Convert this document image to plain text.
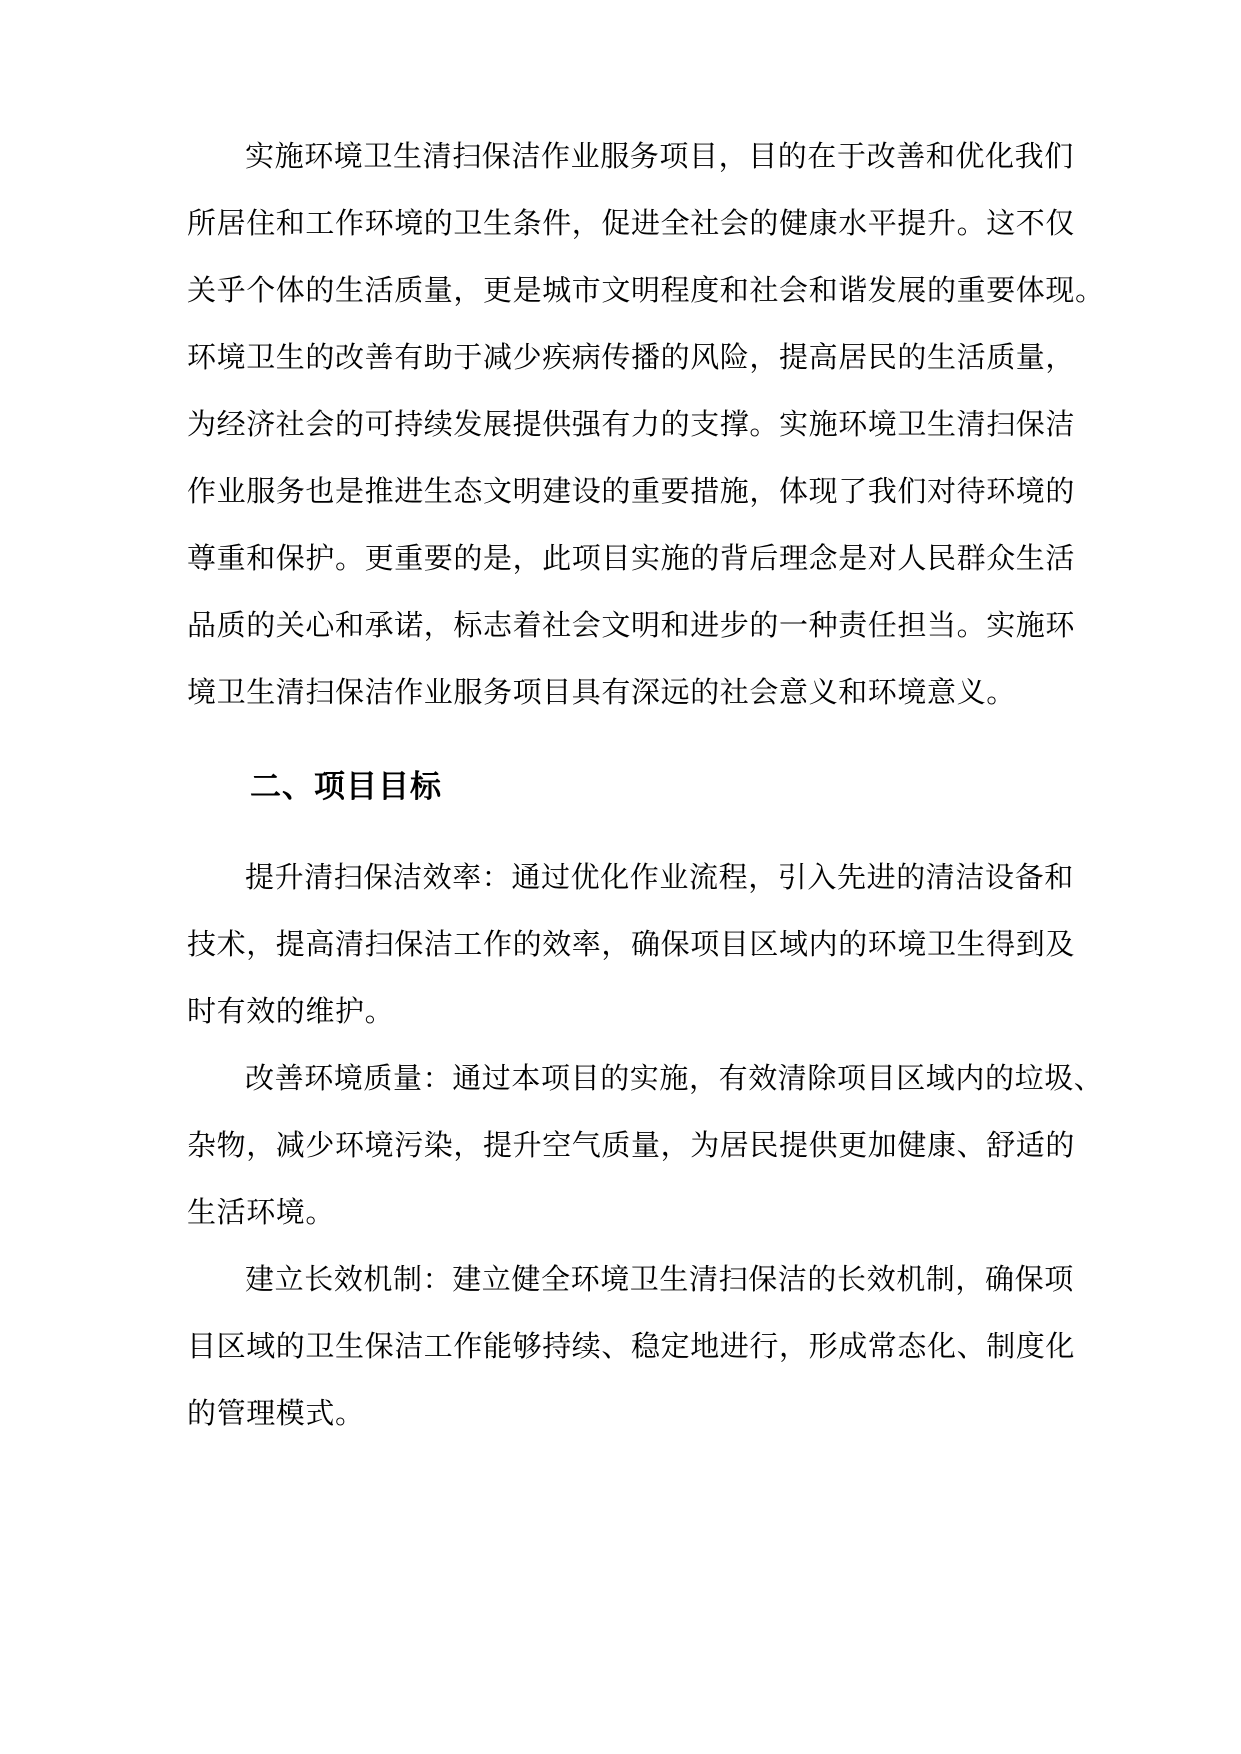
实施环境卫生清扫保洁作业服务项目，目的在于改善和优化我们
所居住和工作环境的卫生条件，促进全社会的健康水平提升。这不仅
关乎个体的生活质量，更是城市文明程度和社会和谐发展的重要体现。
环境卫生的改善有助于减少疾病传播的风险，提高居民的生活质量，
为经济社会的可持续发展提供强有力的支撑。实施环境卫生清扫保洁
作业服务也是推进生态文明建设的重要措施，体现了我们对待环境的
尊重和保护。更重要的是，此项目实施的背后理念是对人民群众生活
品质的关心和承诺，标志着社会文明和进步的一种责任担当。实施环
境卫生清扫保洁作业服务项目具有深远的社会意义和环境意义。
二、项目目标
提升清扫保洁效率：通过优化作业流程，引入先进的清洁设备和
技术，提高清扫保洁工作的效率，确保项目区域内的环境卫生得到及
时有效的维护。
改善环境质量：通过本项目的实施，有效清除项目区域内的垃圾、
杂物，减少环境污染，提升空气质量，为居民提供更加健康、舒适的
生活环境。
建立长效机制：建立健全环境卫生清扫保洁的长效机制，确保项
目区域的卫生保洁工作能够持续、稳定地进行，形成常态化、制度化
的管理模式。
